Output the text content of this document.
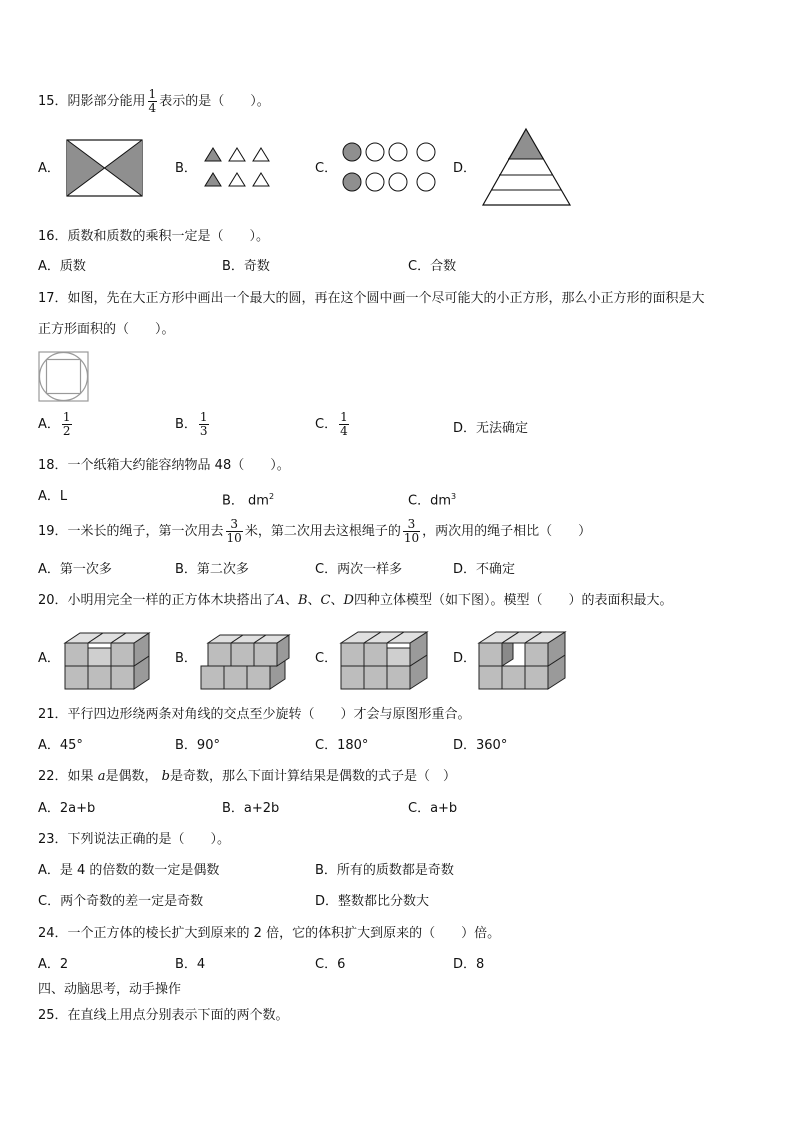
15．阴影部分能用 $\frac{1}{4}$ 表示的是（　　）。
A．	B．	C．	D．
16．质数和质数的乘积一定是（　　）。
A．质数	B．奇数	C．合数
17．如图，先在大正方形中画出一个最大的圆，再在这个圆中画一个尽可能大的小正方形，那么小正方形的面积是大
正方形面积的（　　）。
A． $\frac{1}{2}$	B． $\frac{1}{3}$	C． $\frac{1}{4}$	D．无法确定
18．一个纸箱大约能容纳物品 48（　　）。
A．L	B． $dm^2$	C．$dm^3$
19．一米长的绳子，第一次用去 $\frac{3}{10}$ 米，第二次用去这根绳子的 $\frac{3}{10}$ ，两次用的绳子相比（　　）
A．第一次多	B．第二次多	C．两次一样多	D．不确定
20．小明用完全一样的正方体木块搭出了A、B、C、D四种立体模型（如下图）。模型（　　）的表面积最大。
A．	B．	C．	D．
21．平行四边形绕两条对角线的交点至少旋转（　　）才会与原图形重合。
A．45°	B．90°	C．180°	D．360°
22．如果 a是偶数， b是奇数，那么下面计算结果是偶数的式子是（　）
A．2a+b	B．a+2b	C．a+b
23．下列说法正确的是（　　）。
A．是 4 的倍数的数一定是偶数	B．所有的质数都是奇数
C．两个奇数的差一定是奇数	D．整数都比分数大
24．一个正方体的棱长扩大到原来的 2 倍，它的体积扩大到原来的（　　）倍。
A．2	B．4	C．6	D．8
四、动脑思考，动手操作
25．在直线上用点分别表示下面的两个数。
